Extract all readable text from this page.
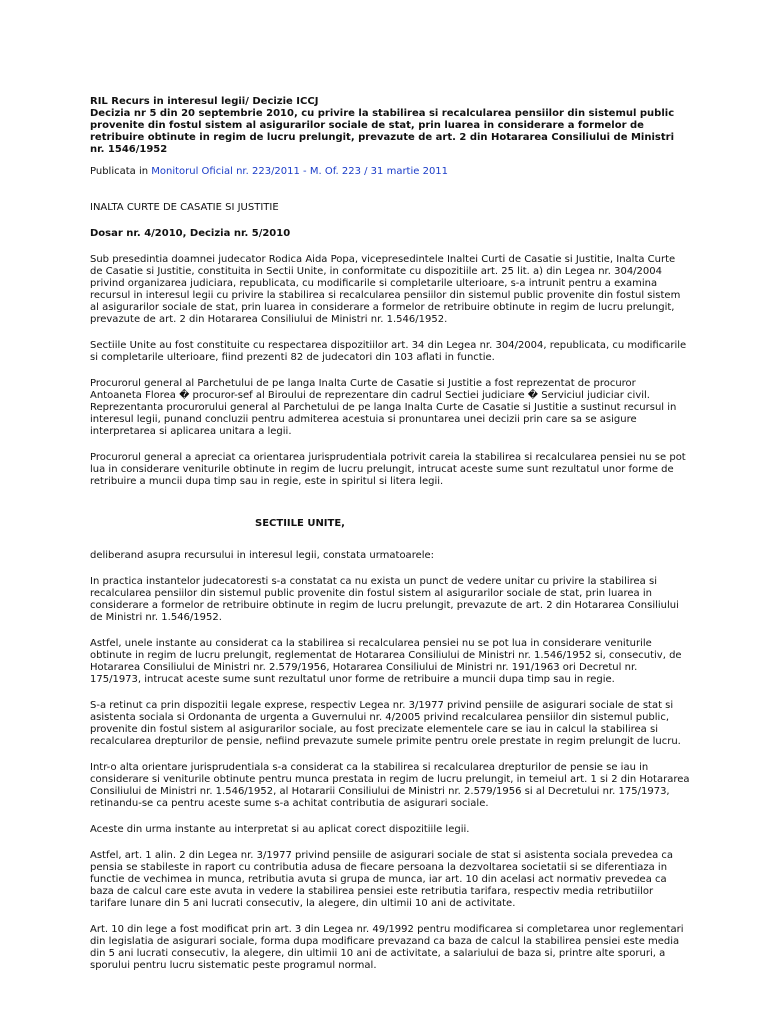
RIL Recurs in interesul legii/ Decizie ICCJ
Decizia nr 5 din 20 septembrie 2010, cu privire la stabilirea si recalcularea pensiilor din sistemul public provenite din fostul sistem al asigurarilor sociale de stat, prin luarea in considerare a formelor de retribuire obtinute in regim de lucru prelungit, prevazute de art. 2 din Hotararea Consiliului de Ministri nr. 1546/1952

Publicata in Monitorul Oficial nr. 223/2011 - M. Of. 223 / 31 martie 2011

INALTA CURTE DE CASATIE SI JUSTITIE

Dosar nr. 4/2010, Decizia nr. 5/2010

Sub presedintia doamnei judecator Rodica Aida Popa, vicepresedintele Inaltei Curti de Casatie si Justitie, Inalta Curte de Casatie si Justitie, constituita in Sectii Unite, in conformitate cu dispozitiile art. 25 lit. a) din Legea nr. 304/2004 privind organizarea judiciara, republicata, cu modificarile si completarile ulterioare, s-a intrunit pentru a examina recursul in interesul legii cu privire la stabilirea si recalcularea pensiilor din sistemul public provenite din fostul sistem al asigurarilor sociale de stat, prin luarea in considerare a formelor de retribuire obtinute in regim de lucru prelungit, prevazute de art. 2 din Hotararea Consiliului de Ministri nr. 1.546/1952.

Sectiile Unite au fost constituite cu respectarea dispozitiilor art. 34 din Legea nr. 304/2004, republicata, cu modificarile si completarile ulterioare, fiind prezenti 82 de judecatori din 103 aflati in functie.

Procurorul general al Parchetului de pe langa Inalta Curte de Casatie si Justitie a fost reprezentat de procuror Antoaneta Florea � procuror-sef al Biroului de reprezentare din cadrul Sectiei judiciare � Serviciul judiciar civil. Reprezentanta procurorului general al Parchetului de pe langa Inalta Curte de Casatie si Justitie a sustinut recursul in interesul legii, punand concluzii pentru admiterea acestuia si pronuntarea unei decizii prin care sa se asigure interpretarea si aplicarea unitara a legii.

Procurorul general a apreciat ca orientarea jurisprudentiala potrivit careia la stabilirea si recalcularea pensiei nu se pot lua in considerare veniturile obtinute in regim de lucru prelungit, intrucat aceste sume sunt rezultatul unor forme de retribuire a muncii dupa timp sau in regie, este in spiritul si litera legii.

SECTIILE UNITE,

deliberand asupra recursului in interesul legii, constata urmatoarele:

In practica instantelor judecatoresti s-a constatat ca nu exista un punct de vedere unitar cu privire la stabilirea si recalcularea pensiilor din sistemul public provenite din fostul sistem al asigurarilor sociale de stat, prin luarea in considerare a formelor de retribuire obtinute in regim de lucru prelungit, prevazute de art. 2 din Hotararea Consiliului de Ministri nr. 1.546/1952.

Astfel, unele instante au considerat ca la stabilirea si recalcularea pensiei nu se pot lua in considerare veniturile obtinute in regim de lucru prelungit, reglementat de Hotararea Consiliului de Ministri nr. 1.546/1952 si, consecutiv, de Hotararea Consiliului de Ministri nr. 2.579/1956, Hotararea Consiliului de Ministri nr. 191/1963 ori Decretul nr. 175/1973, intrucat aceste sume sunt rezultatul unor forme de retribuire a muncii dupa timp sau in regie.

S-a retinut ca prin dispozitii legale exprese, respectiv Legea nr. 3/1977 privind pensiile de asigurari sociale de stat si asistenta sociala si Ordonanta de urgenta a Guvernului nr. 4/2005 privind recalcularea pensiilor din sistemul public, provenite din fostul sistem al asigurarilor sociale, au fost precizate elementele care se iau in calcul la stabilirea si recalcularea drepturilor de pensie, nefiind prevazute sumele primite pentru orele prestate in regim prelungit de lucru.

Intr-o alta orientare jurisprudentiala s-a considerat ca la stabilirea si recalcularea drepturilor de pensie se iau in considerare si veniturile obtinute pentru munca prestata in regim de lucru prelungit, in temeiul art. 1 si 2 din Hotararea Consiliului de Ministri nr. 1.546/1952, al Hotararii Consiliului de Ministri nr. 2.579/1956 si al Decretului nr. 175/1973, retinandu-se ca pentru aceste sume s-a achitat contributia de asigurari sociale.

Aceste din urma instante au interpretat si au aplicat corect dispozitiile legii.

Astfel, art. 1 alin. 2 din Legea nr. 3/1977 privind pensiile de asigurari sociale de stat si asistenta sociala prevedea ca pensia se stabileste in raport cu contributia adusa de fiecare persoana la dezvoltarea societatii si se diferentiaza in functie de vechimea in munca, retributia avuta si grupa de munca, iar art. 10 din acelasi act normativ prevedea ca baza de calcul care este avuta in vedere la stabilirea pensiei este retributia tarifara, respectiv media retributiilor tarifare lunare din 5 ani lucrati consecutiv, la alegere, din ultimii 10 ani de activitate.

Art. 10 din lege a fost modificat prin art. 3 din Legea nr. 49/1992 pentru modificarea si completarea unor reglementari din legislatia de asigurari sociale, forma dupa modificare prevazand ca baza de calcul la stabilirea pensiei este media din 5 ani lucrati consecutiv, la alegere, din ultimii 10 ani de activitate, a salariului de baza si, printre alte sporuri, a sporului pentru lucru sistematic peste programul normal.
